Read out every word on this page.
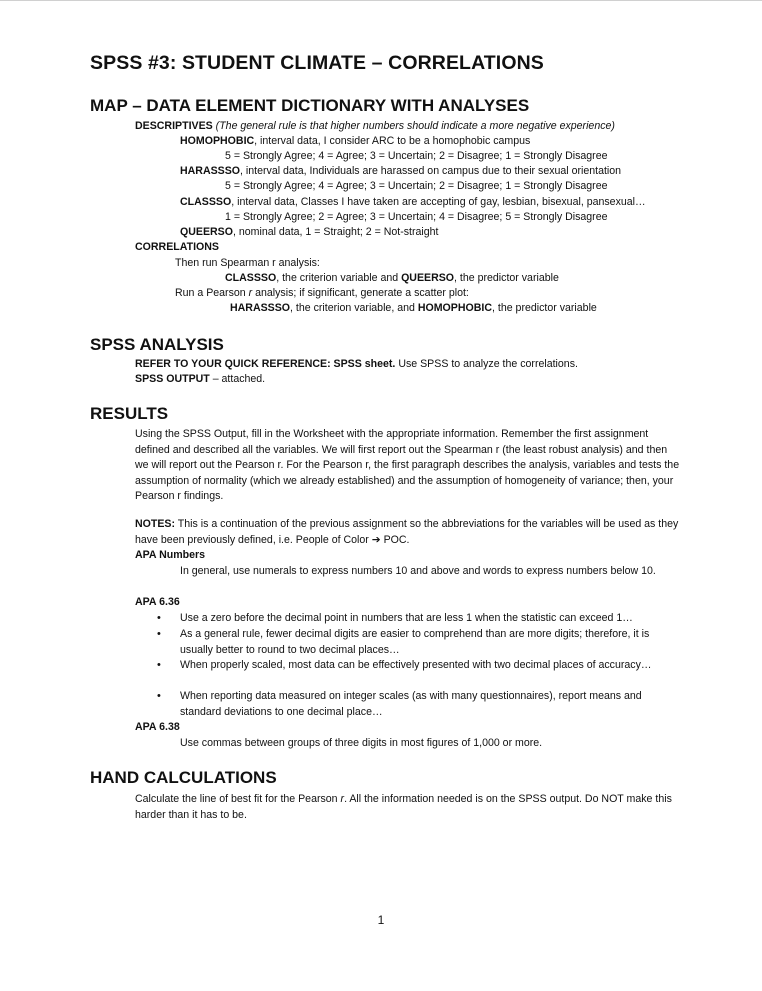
SPSS #3: STUDENT CLIMATE – CORRELATIONS
MAP – DATA ELEMENT DICTIONARY WITH ANALYSES
DESCRIPTIVES (The general rule is that higher numbers should indicate a more negative experience)
HOMOPHOBIC, interval data, I consider ARC to be a homophobic campus
5 = Strongly Agree; 4 = Agree; 3 = Uncertain; 2 = Disagree; 1 = Strongly Disagree
HARASSSO, interval data, Individuals are harassed on campus due to their sexual orientation
5 = Strongly Agree; 4 = Agree; 3 = Uncertain; 2 = Disagree; 1 = Strongly Disagree
CLASSSO, interval data, Classes I have taken are accepting of gay, lesbian, bisexual, pansexual…
1 = Strongly Agree; 2 = Agree; 3 = Uncertain; 4 = Disagree; 5 = Strongly Disagree
QUEERSO, nominal data, 1 = Straight; 2 = Not-straight
CORRELATIONS
Then run Spearman r analysis:
CLASSSO, the criterion variable and QUEERSO, the predictor variable
Run a Pearson r analysis; if significant, generate a scatter plot:
HARASSSO, the criterion variable, and HOMOPHOBIC, the predictor variable
SPSS ANALYSIS
REFER TO YOUR QUICK REFERENCE: SPSS sheet. Use SPSS to analyze the correlations.
SPSS OUTPUT – attached.
RESULTS
Using the SPSS Output, fill in the Worksheet with the appropriate information. Remember the first assignment defined and described all the variables. We will first report out the Spearman r (the least robust analysis) and then we will report out the Pearson r. For the Pearson r, the first paragraph describes the analysis, variables and tests the assumption of normality (which we already established) and the assumption of homogeneity of variance; then, your Pearson r findings.
NOTES: This is a continuation of the previous assignment so the abbreviations for the variables will be used as they have been previously defined, i.e. People of Color ➔ POC.
APA Numbers
In general, use numerals to express numbers 10 and above and words to express numbers below 10.
APA 6.36
• Use a zero before the decimal point in numbers that are less 1 when the statistic can exceed 1…
• As a general rule, fewer decimal digits are easier to comprehend than are more digits; therefore, it is usually better to round to two decimal places…
• When properly scaled, most data can be effectively presented with two decimal places of accuracy…
• When reporting data measured on integer scales (as with many questionnaires), report means and standard deviations to one decimal place…
APA 6.38
Use commas between groups of three digits in most figures of 1,000 or more.
HAND CALCULATIONS
Calculate the line of best fit for the Pearson r. All the information needed is on the SPSS output. Do NOT make this harder than it has to be.
1
